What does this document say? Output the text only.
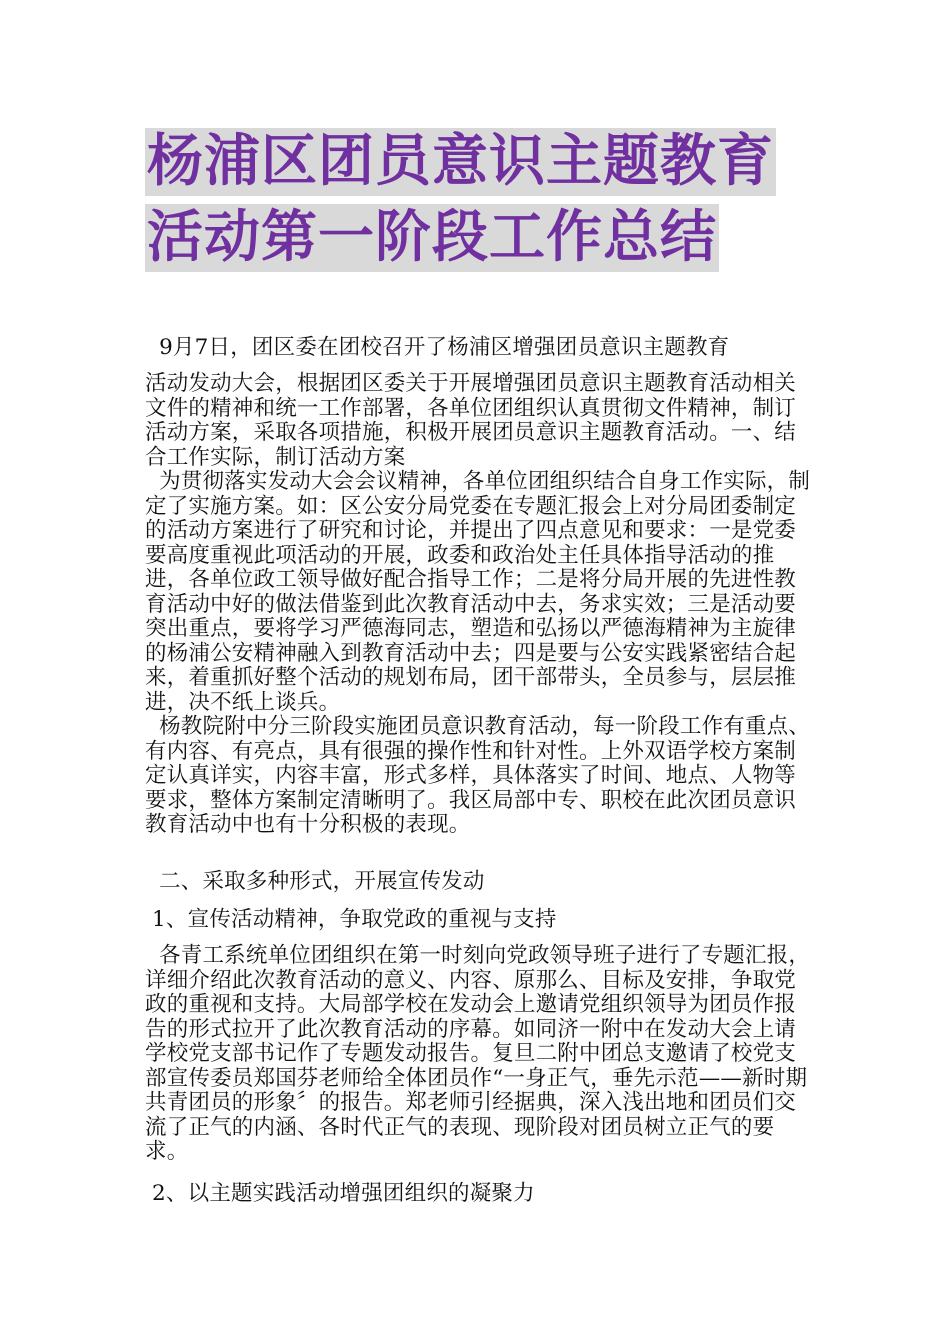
杨浦区团员意识主题教育
活动第一阶段工作总结

9月7日，团区委在团校召开了杨浦区增强团员意识主题教育

活动发动大会，根据团区委关于开展增强团员意识主题教育活动相关文件的精神和统一工作部署，各单位团组织认真贯彻文件精神，制订活动方案，采取各项措施，积极开展团员意识主题教育活动。一、结合工作实际，制订活动方案
为贯彻落实发动大会会议精神，各单位团组织结合自身工作实际，制定了实施方案。如：区公安分局党委在专题汇报会上对分局团委制定的活动方案进行了研究和讨论，并提出了四点意见和要求：一是党委要高度重视此项活动的开展，政委和政治处主任具体指导活动的推进，各单位政工领导做好配合指导工作；二是将分局开展的先进性教育活动中好的做法借鉴到此次教育活动中去，务求实效；三是活动要突出重点，要将学习严德海同志，塑造和弘扬以严德海精神为主旋律的杨浦公安精神融入到教育活动中去；四是要与公安实践紧密结合起来，着重抓好整个活动的规划布局，团干部带头，全员参与，层层推进，决不纸上谈兵。
杨教院附中分三阶段实施团员意识教育活动，每一阶段工作有重点、有内容、有亮点，具有很强的操作性和针对性。上外双语学校方案制定认真详实，内容丰富，形式多样，具体落实了时间、地点、人物等要求，整体方案制定清晰明了。我区局部中专、职校在此次团员意识教育活动中也有十分积极的表现。

二、采取多种形式，开展宣传发动

1、宣传活动精神，争取党政的重视与支持

各青工系统单位团组织在第一时刻向党政领导班子进行了专题汇报，详细介绍此次教育活动的意义、内容、原那么、目标及安排，争取党政的重视和支持。大局部学校在发动会上邀请党组织领导为团员作报告的形式拉开了此次教育活动的序幕。如同济一附中在发动大会上请学校党支部书记作了专题发动报告。复旦二附中团总支邀请了校党支部宣传委员郑国芬老师给全体团员作“一身正气，垂先示范——新时期共青团员的形象〞的报告。郑老师引经据典，深入浅出地和团员们交流了正气的内涵、各时代正气的表现、现阶段对团员树立正气的要求。

2、以主题实践活动增强团组织的凝聚力
